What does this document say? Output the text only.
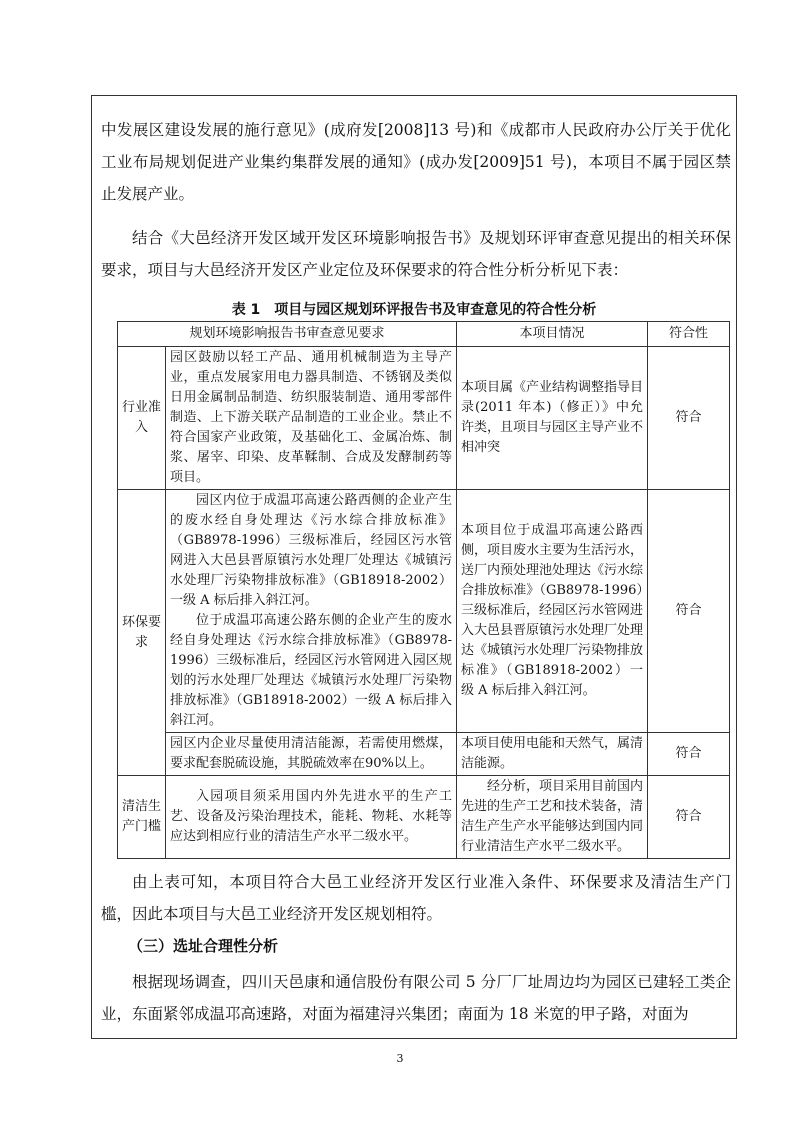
中发展区建设发展的施行意见》(成府发[2008]13 号)和《成都市人民政府办公厅关于优化工业布局规划促进产业集约集群发展的通知》(成办发[2009]51 号)，本项目不属于园区禁止发展产业。

结合《大邑经济开发区域开发区环境影响报告书》及规划环评审查意见提出的相关环保要求，项目与大邑经济开发区产业定位及环保要求的符合性分析分析见下表：

表 1　项目与园区规划环评报告书及审查意见的符合性分析
规划环境影响报告书审查意见要求		本项目情况	符合性
行业准入	园区鼓励以轻工产品、通用机械制造为主导产业，重点发展家用电力器具制造、不锈钢及类似日用金属制品制造、纺织服装制造、通用零部件制造、上下游关联产品制造的工业企业。禁止不符合国家产业政策，及基础化工、金属冶炼、制浆、屠宰、印染、皮革鞣制、合成及发酵制药等项目。	本项目属《产业结构调整指导目录(2011 年本)（修正）》中允许类，且项目与园区主导产业不相冲突	符合
环保要求	园区内位于成温邛高速公路西侧的企业产生的废水经自身处理达《污水综合排放标准》（GB8978-1996）三级标准后，经园区污水管网进入大邑县晋原镇污水处理厂处理达《城镇污水处理厂污染物排放标准》（GB18918-2002）一级 A 标后排入斜江河。
位于成温邛高速公路东侧的企业产生的废水经自身处理达《污水综合排放标准》（GB8978-1996）三级标准后，经园区污水管网进入园区规划的污水处理厂处理达《城镇污水处理厂污染物排放标准》（GB18918-2002）一级 A 标后排入斜江河。	本项目位于成温邛高速公路西侧，项目废水主要为生活污水，送厂内预处理池处理达《污水综合排放标准》（GB8978-1996）三级标准后，经园区污水管网进入大邑县晋原镇污水处理厂处理达《城镇污水处理厂污染物排放标准》（GB18918-2002）一级 A 标后排入斜江河。	符合
	园区内企业尽量使用清洁能源，若需使用燃煤，要求配套脱硫设施，其脱硫效率在90%以上。	本项目使用电能和天然气，属清洁能源。	符合
清洁生产门槛	入园项目须采用国内外先进水平的生产工艺、设备及污染治理技术，能耗、物耗、水耗等应达到相应行业的清洁生产水平二级水平。	经分析，项目采用目前国内先进的生产工艺和技术装备，清洁生产生产水平能够达到国内同行业清洁生产水平二级水平。	符合

由上表可知，本项目符合大邑工业经济开发区行业准入条件、环保要求及清洁生产门槛，因此本项目与大邑工业经济开发区规划相符。

（三）选址合理性分析

根据现场调查，四川天邑康和通信股份有限公司 5 分厂厂址周边均为园区已建轻工类企业，东面紧邻成温邛高速路，对面为福建浔兴集团；南面为 18 米宽的甲子路，对面为

3
